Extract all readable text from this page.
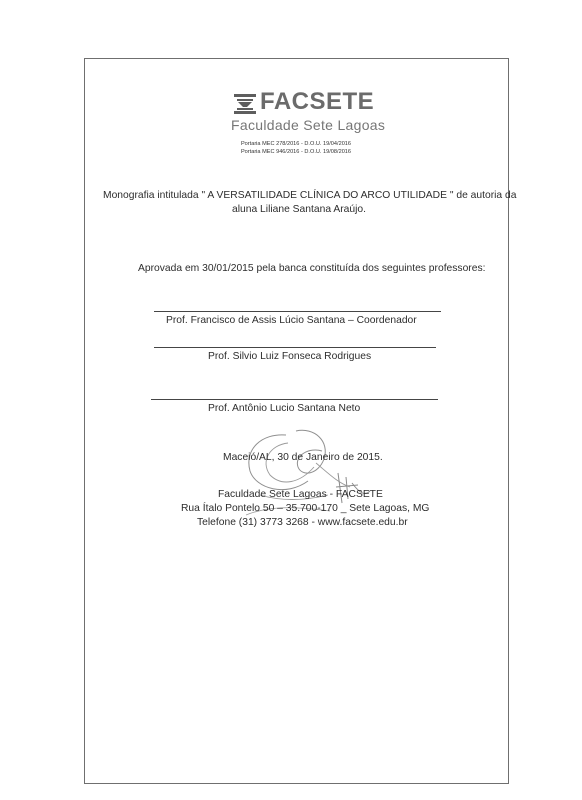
FACSETE
Faculdade Sete Lagoas
Portaria MEC 278/2016 - D.O.U. 19/04/2016
Portaria MEC 946/2016 - D.O.U. 19/08/2016
Monografia intitulada " A VERSATILIDADE CLÍNICA DO ARCO UTILIDADE " de autoria da
aluna Liliane Santana Araújo.
Aprovada em 30/01/2015 pela banca constituída dos seguintes professores:
Prof. Francisco de Assis Lúcio Santana – Coordenador
Prof. Silvio Luiz Fonseca Rodrigues
Prof. Antônio Lucio Santana Neto
Maceió/AL, 30 de Janeiro de 2015.
Faculdade Sete Lagoas - FACSETE
Rua Ítalo Pontelo 50 – 35.700-170 _ Sete Lagoas, MG
Telefone (31) 3773 3268 - www.facsete.edu.br
